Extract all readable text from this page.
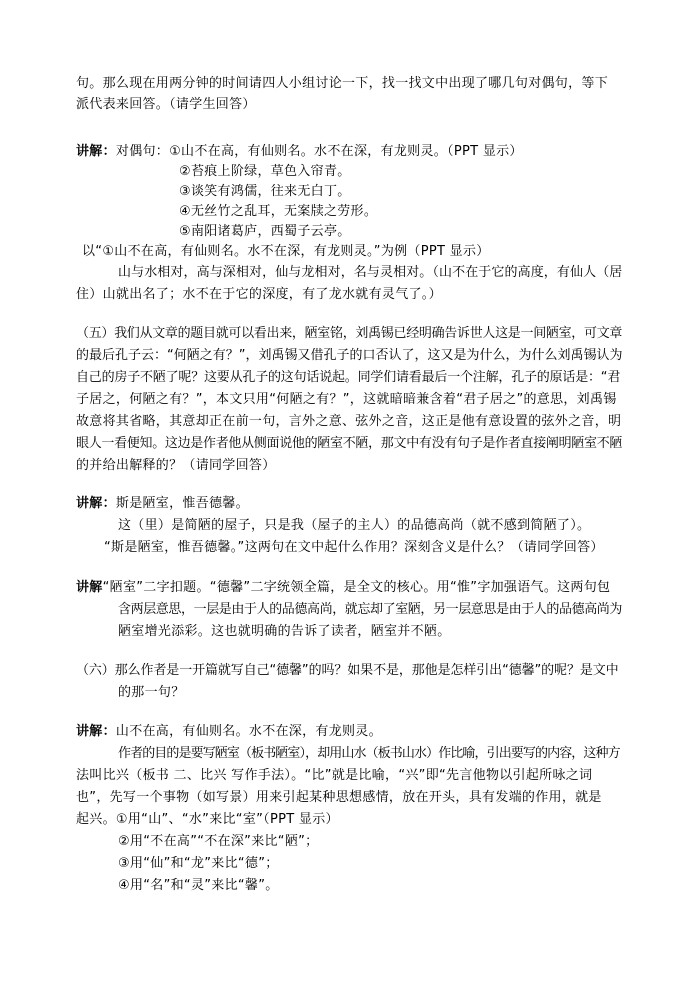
句。那么现在用两分钟的时间请四人小组讨论一下，找一找文中出现了哪几句对偶句，等下
派代表来回答。（请学生回答）
讲解：对偶句：①山不在高，有仙则名。水不在深，有龙则灵。（PPT 显示）
②苔痕上阶绿，草色入帘青。
③谈笑有鸿儒，往来无白丁。
④无丝竹之乱耳，无案牍之劳形。
⑤南阳诸葛庐，西蜀子云亭。
以“①山不在高，有仙则名。水不在深，有龙则灵。”为例（PPT 显示）
山与水相对，高与深相对，仙与龙相对，名与灵相对。（山不在于它的高度，有仙人（居
住）山就出名了；水不在于它的深度，有了龙水就有灵气了。）
（五）我们从文章的题目就可以看出来，陋室铭，刘禹锡已经明确告诉世人这是一间陋室，可文章
的最后孔子云：“何陋之有？”，刘禹锡又借孔子的口否认了，这又是为什么，为什么刘禹锡认为
自己的房子不陋了呢？这要从孔子的这句话说起。同学们请看最后一个注解，孔子的原话是：“君
子居之，何陋之有？”，本文只用“何陋之有？”，这就暗暗兼含着“君子居之”的意思，刘禹锡
故意将其省略，其意却正在前一句，言外之意、弦外之音，这正是他有意设置的弦外之音，明
眼人一看便知。这边是作者他从侧面说他的陋室不陋，那文中有没有句子是作者直接阐明陋室不陋
的并给出解释的？（请同学回答）
讲解：斯是陋室，惟吾德馨。
这（里）是简陋的屋子，只是我（屋子的主人）的品德高尚（就不感到简陋了）。
“斯是陋室，惟吾德馨。”这两句在文中起什么作用？深刻含义是什么？（请同学回答）
讲解“陋室”二字扣题。“德馨”二字统领全篇，是全文的核心。用“惟”字加强语气。这两句包
含两层意思，一层是由于人的品德高尚，就忘却了室陋，另一层意思是由于人的品德高尚为
陋室增光添彩。这也就明确的告诉了读者，陋室并不陋。
（六）那么作者是一开篇就写自己“德馨”的吗？如果不是，那他是怎样引出“德馨”的呢？是文中
的那一句？
讲解：山不在高，有仙则名。水不在深，有龙则灵。
作者的目的是要写陋室（板书陋室），却用山水（板书山水）作比喻，引出要写的内容，这种方
法叫比兴（板书 二、比兴 写作手法）。“比”就是比喻，“兴”即“先言他物以引起所咏之词
也”，先写一个事物（如写景）用来引起某种思想感情，放在开头，具有发端的作用，就是
起兴。①用“山”、“水”来比“室”（PPT 显示）
②用“不在高”“不在深”来比“陋”；
③用“仙”和“龙”来比“德”；
④用“名”和“灵”来比“馨”。
